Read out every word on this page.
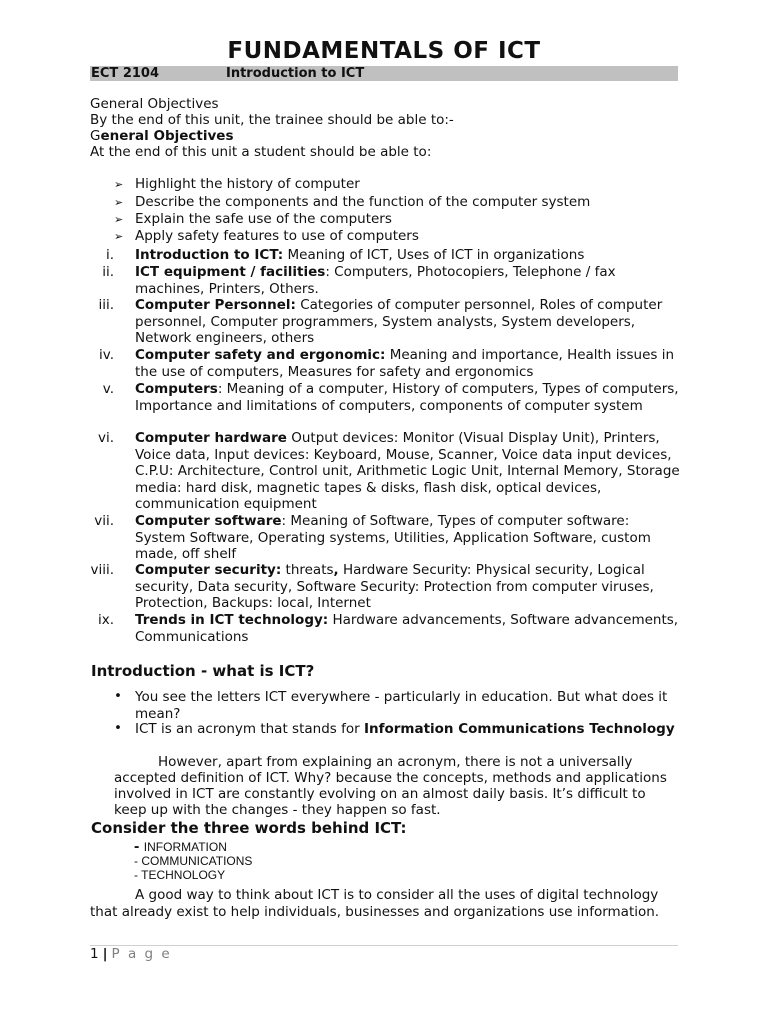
FUNDAMENTALS OF ICT
ECT 2104	Introduction to ICT
General Objectives
By the end of this unit, the trainee should be able to:-
General Objectives
At the end of this unit a student should be able to:
➢ Highlight the history of computer
➢ Describe the components and the function of the computer system
➢ Explain the safe use of the computers
➢ Apply safety features to use of computers
i. Introduction to ICT: Meaning of ICT, Uses of ICT in organizations
ii. ICT equipment / facilities: Computers, Photocopiers, Telephone / fax machines, Printers, Others.
iii. Computer Personnel: Categories of computer personnel, Roles of computer personnel, Computer programmers, System analysts, System developers, Network engineers, others
iv. Computer safety and ergonomic: Meaning and importance, Health issues in the use of computers, Measures for safety and ergonomics
v. Computers: Meaning of a computer, History of computers, Types of computers, Importance and limitations of computers, components of computer system
vi. Computer hardware Output devices: Monitor (Visual Display Unit), Printers, Voice data, Input devices: Keyboard, Mouse, Scanner, Voice data input devices, C.P.U: Architecture, Control unit, Arithmetic Logic Unit, Internal Memory, Storage media: hard disk, magnetic tapes & disks, flash disk, optical devices, communication equipment
vii. Computer software: Meaning of Software, Types of computer software: System Software, Operating systems, Utilities, Application Software, custom made, off shelf
viii. Computer security: threats, Hardware Security: Physical security, Logical security, Data security, Software Security: Protection from computer viruses, Protection, Backups: local, Internet
ix. Trends in ICT technology: Hardware advancements, Software advancements, Communications
Introduction - what is ICT?
• You see the letters ICT everywhere - particularly in education. But what does it mean?
• ICT is an acronym that stands for Information Communications Technology
However, apart from explaining an acronym, there is not a universally accepted definition of ICT. Why? because the concepts, methods and applications involved in ICT are constantly evolving on an almost daily basis. It’s difficult to keep up with the changes - they happen so fast.
Consider the three words behind ICT:
- INFORMATION
- COMMUNICATIONS
- TECHNOLOGY
A good way to think about ICT is to consider all the uses of digital technology that already exist to help individuals, businesses and organizations use information.
1 | P a g e
